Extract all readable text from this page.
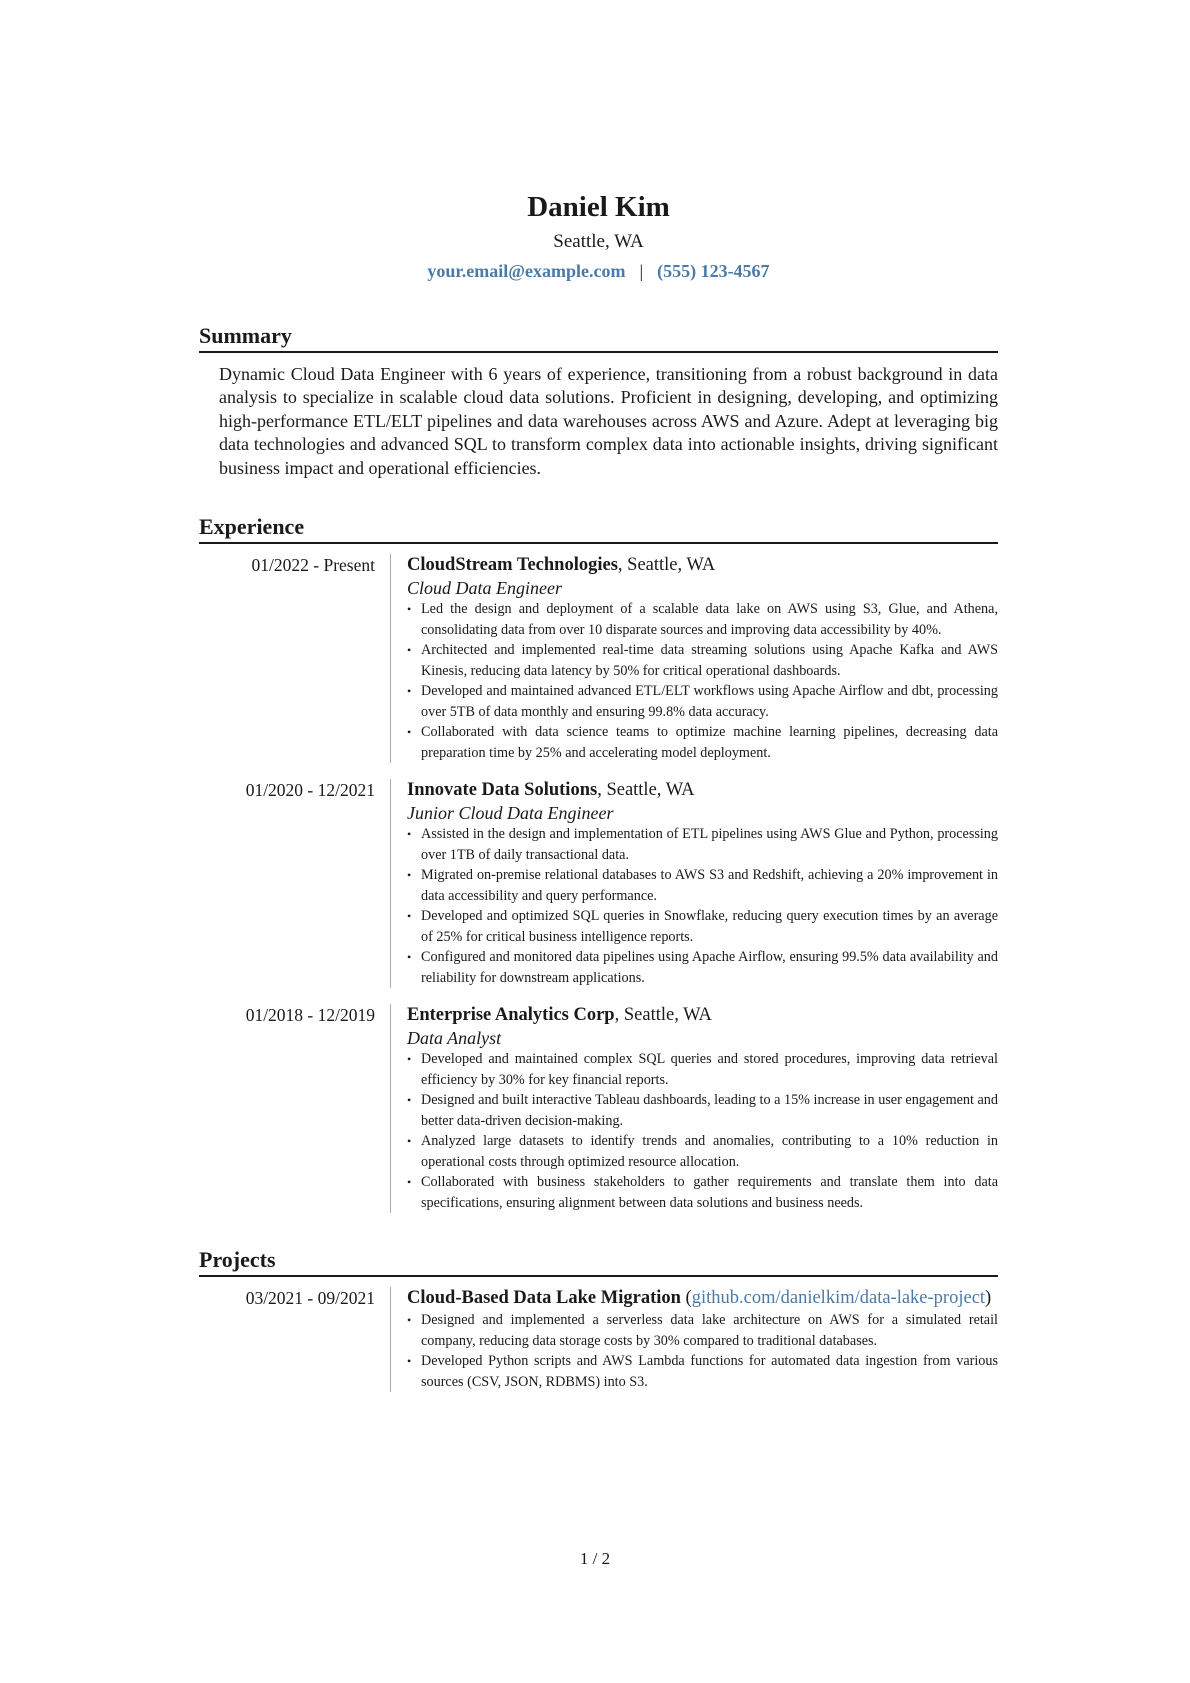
Daniel Kim
Seattle, WA
your.email@example.com | (555) 123-4567
Summary
Dynamic Cloud Data Engineer with 6 years of experience, transitioning from a robust background in data analysis to specialize in scalable cloud data solutions. Proficient in designing, developing, and optimizing high-performance ETL/ELT pipelines and data warehouses across AWS and Azure. Adept at leveraging big data technologies and advanced SQL to transform complex data into actionable insights, driving significant business impact and operational efficiencies.
Experience
01/2022 - Present	CloudStream Technologies, Seattle, WA
Cloud Data Engineer
• Led the design and deployment of a scalable data lake on AWS using S3, Glue, and Athena, consolidating data from over 10 disparate sources and improving data accessibility by 40%.
• Architected and implemented real-time data streaming solutions using Apache Kafka and AWS Kinesis, reducing data latency by 50% for critical operational dashboards.
• Developed and maintained advanced ETL/ELT workflows using Apache Airflow and dbt, processing over 5TB of data monthly and ensuring 99.8% data accuracy.
• Collaborated with data science teams to optimize machine learning pipelines, decreasing data preparation time by 25% and accelerating model deployment.
01/2020 - 12/2021	Innovate Data Solutions, Seattle, WA
Junior Cloud Data Engineer
• Assisted in the design and implementation of ETL pipelines using AWS Glue and Python, processing over 1TB of daily transactional data.
• Migrated on-premise relational databases to AWS S3 and Redshift, achieving a 20% improvement in data accessibility and query performance.
• Developed and optimized SQL queries in Snowflake, reducing query execution times by an average of 25% for critical business intelligence reports.
• Configured and monitored data pipelines using Apache Airflow, ensuring 99.5% data availability and reliability for downstream applications.
01/2018 - 12/2019	Enterprise Analytics Corp, Seattle, WA
Data Analyst
• Developed and maintained complex SQL queries and stored procedures, improving data retrieval efficiency by 30% for key financial reports.
• Designed and built interactive Tableau dashboards, leading to a 15% increase in user engagement and better data-driven decision-making.
• Analyzed large datasets to identify trends and anomalies, contributing to a 10% reduction in operational costs through optimized resource allocation.
• Collaborated with business stakeholders to gather requirements and translate them into data specifications, ensuring alignment between data solutions and business needs.
Projects
03/2021 - 09/2021	Cloud-Based Data Lake Migration (github.com/danielkim/data-lake-project)
• Designed and implemented a serverless data lake architecture on AWS for a simulated retail company, reducing data storage costs by 30% compared to traditional databases.
• Developed Python scripts and AWS Lambda functions for automated data ingestion from various sources (CSV, JSON, RDBMS) into S3.
1 / 2
